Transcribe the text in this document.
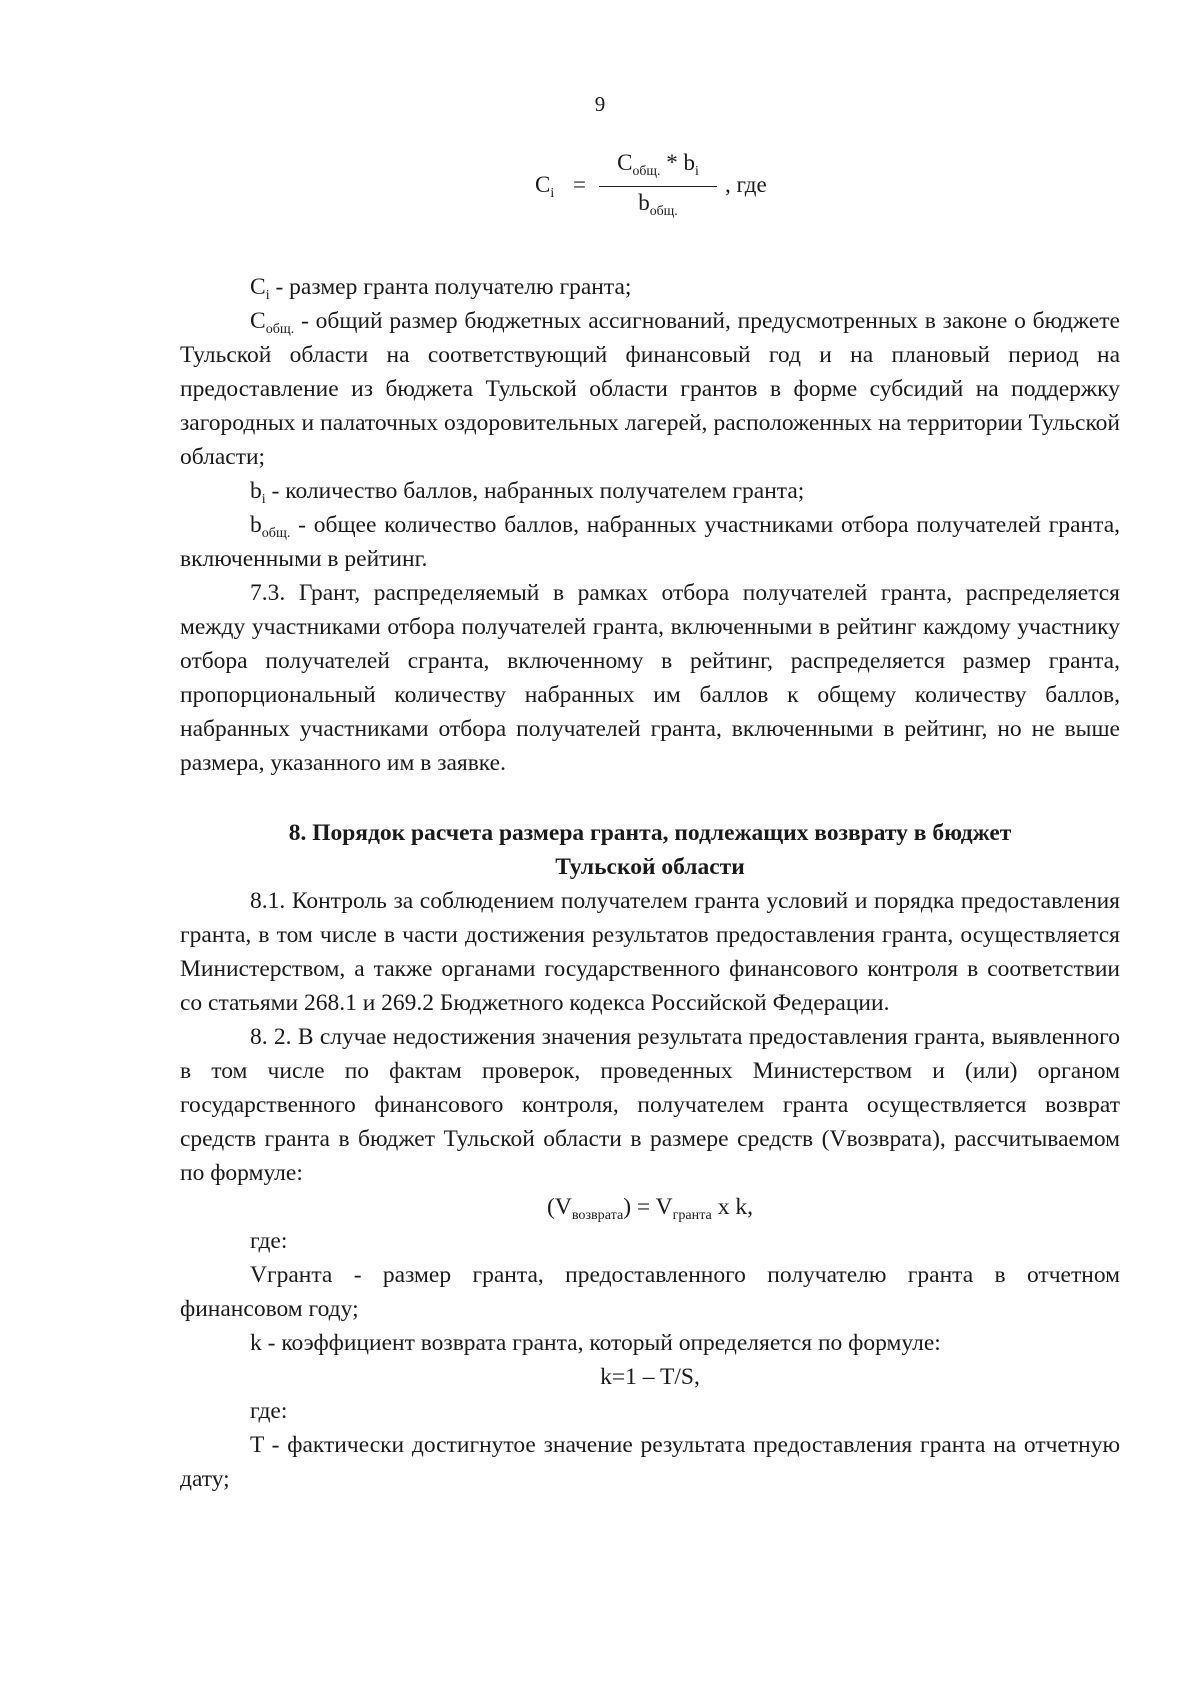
9
$C_i$ =
$C_{общ.} * b_i$
$b_{общ.}$
, где

$C_i$ - размер гранта получателю гранта;

$C_{общ.}$ - общий размер бюджетных ассигнований, предусмотренных в законе о бюджете Тульской области на соответствующий финансовый год и на плановый период на предоставление из бюджета Тульской области грантов в форме субсидий на поддержку загородных и палаточных оздоровительных лагерей, расположенных на территории Тульской области;

$b_i$ - количество баллов, набранных получателем гранта;

$b_{общ.}$ - общее количество баллов, набранных участниками отбора получателей гранта, включенными в рейтинг.

7.3. Грант, распределяемый в рамках отбора получателей гранта, распределяется между участниками отбора получателей гранта, включенными в рейтинг каждому участнику отбора получателей сгранта, включенному в рейтинг, распределяется размер гранта, пропорциональный количеству набранных им баллов к общему количеству баллов, набранных участниками отбора получателей гранта, включенными в рейтинг, но не выше размера, указанного им в заявке.

8. Порядок расчета размера гранта, подлежащих возврату в бюджет
Тульской области

8.1. Контроль за соблюдением получателем гранта условий и порядка предоставления гранта, в том числе в части достижения результатов предоставления гранта, осуществляется Министерством, а также органами государственного финансового контроля в соответствии со статьями 268.1 и 269.2 Бюджетного кодекса Российской Федерации.

8. 2. В случае недостижения значения результата предоставления гранта, выявленного в том числе по фактам проверок, проведенных Министерством и (или) органом государственного финансового контроля, получателем гранта осуществляется возврат средств гранта в бюджет Тульской области в размере средств (Vвозврата), рассчитываемом по формуле:

$(V_{возврата}) = V_{гранта}$ x k,

где:

Vгранта - размер гранта, предоставленного получателю гранта в отчетном финансовом году;

k - коэффициент возврата гранта, который определяется по формуле:

k=1 – T/S,

где:

T - фактически достигнутое значение результата предоставления гранта на отчетную дату;
